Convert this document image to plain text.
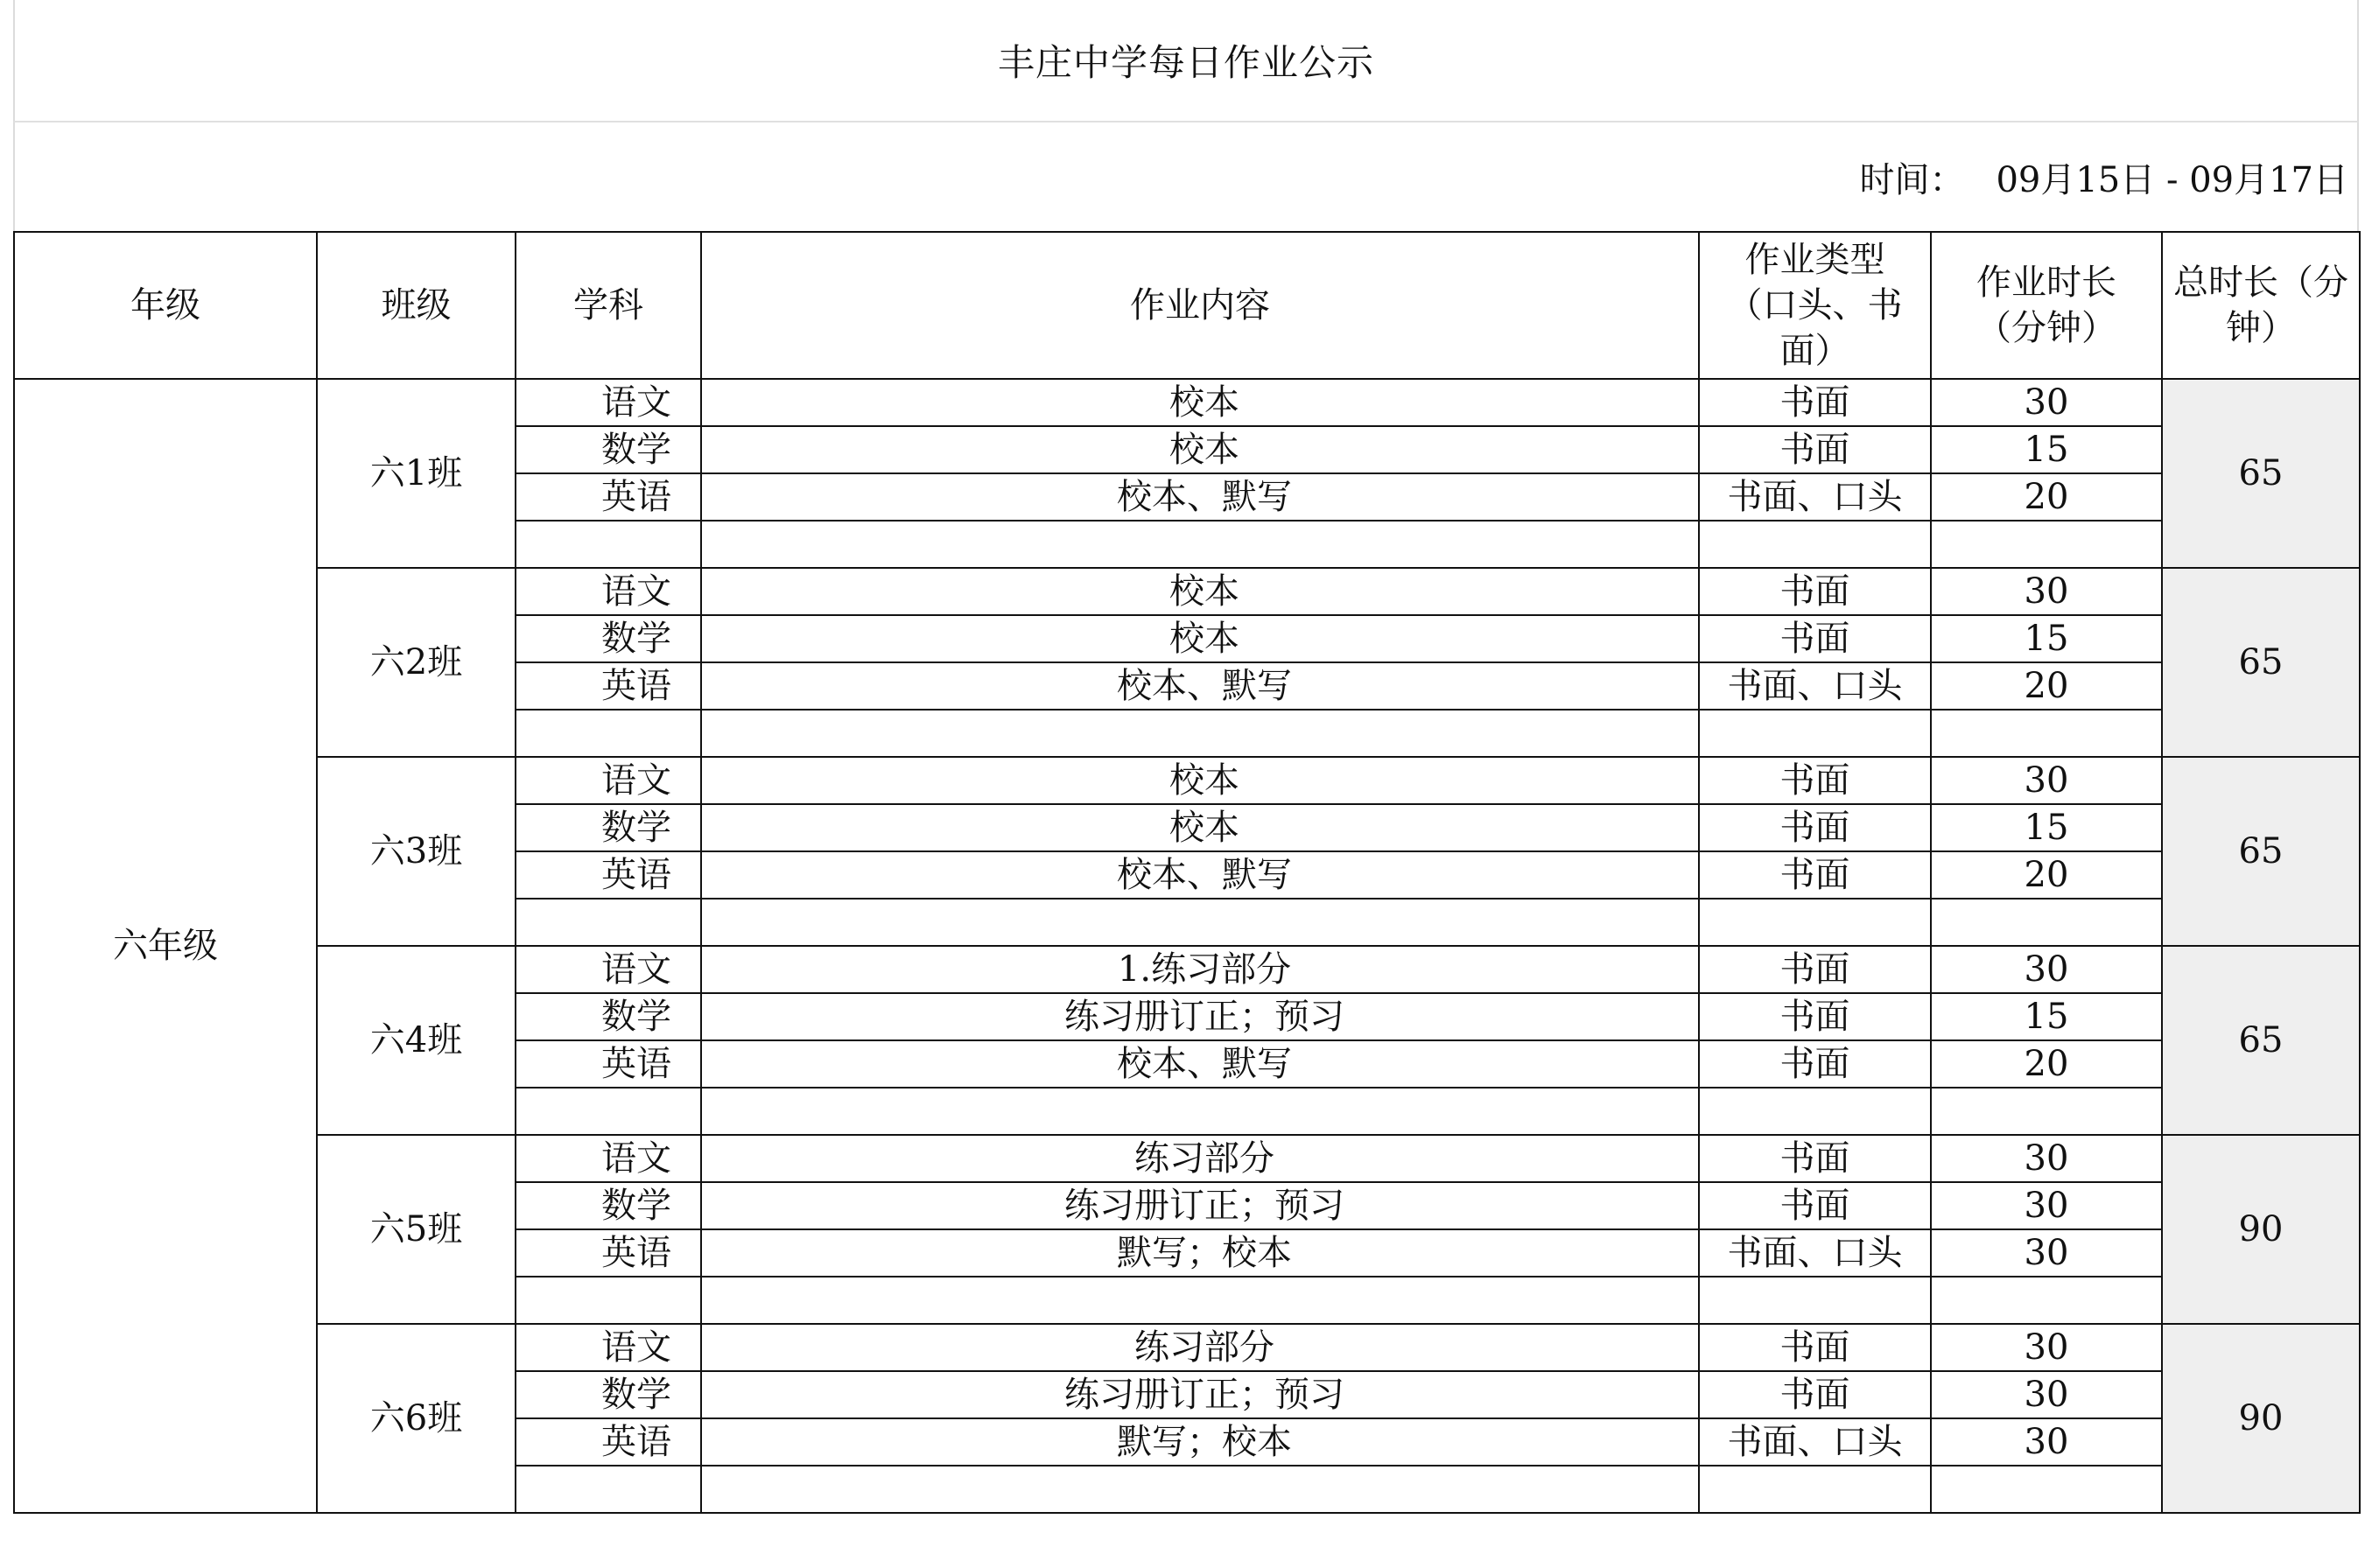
丰庄中学每日作业公示
时间： 09月15日 - 09月17日
年级	班级	学科	作业内容	作业类型（口头、书面）	作业时长（分钟）	总时长（分钟）
六年级	六1班	语文	校本	书面	30	65
		数学	校本	书面	15	
		英语	校本、默写	书面、口头	20	

	六2班	语文	校本	书面	30	65
		数学	校本	书面	15	
		英语	校本、默写	书面、口头	20	

	六3班	语文	校本	书面	30	65
		数学	校本	书面	15	
		英语	校本、默写	书面	20	

	六4班	语文	1.练习部分	书面	30	65
		数学	练习册订正；预习	书面	15	
		英语	校本、默写	书面	20	

	六5班	语文	练习部分	书面	30	90
		数学	练习册订正；预习	书面	30	
		英语	默写；校本	书面、口头	30	

	六6班	语文	练习部分	书面	30	90
		数学	练习册订正；预习	书面	30	
		英语	默写；校本	书面、口头	30	
